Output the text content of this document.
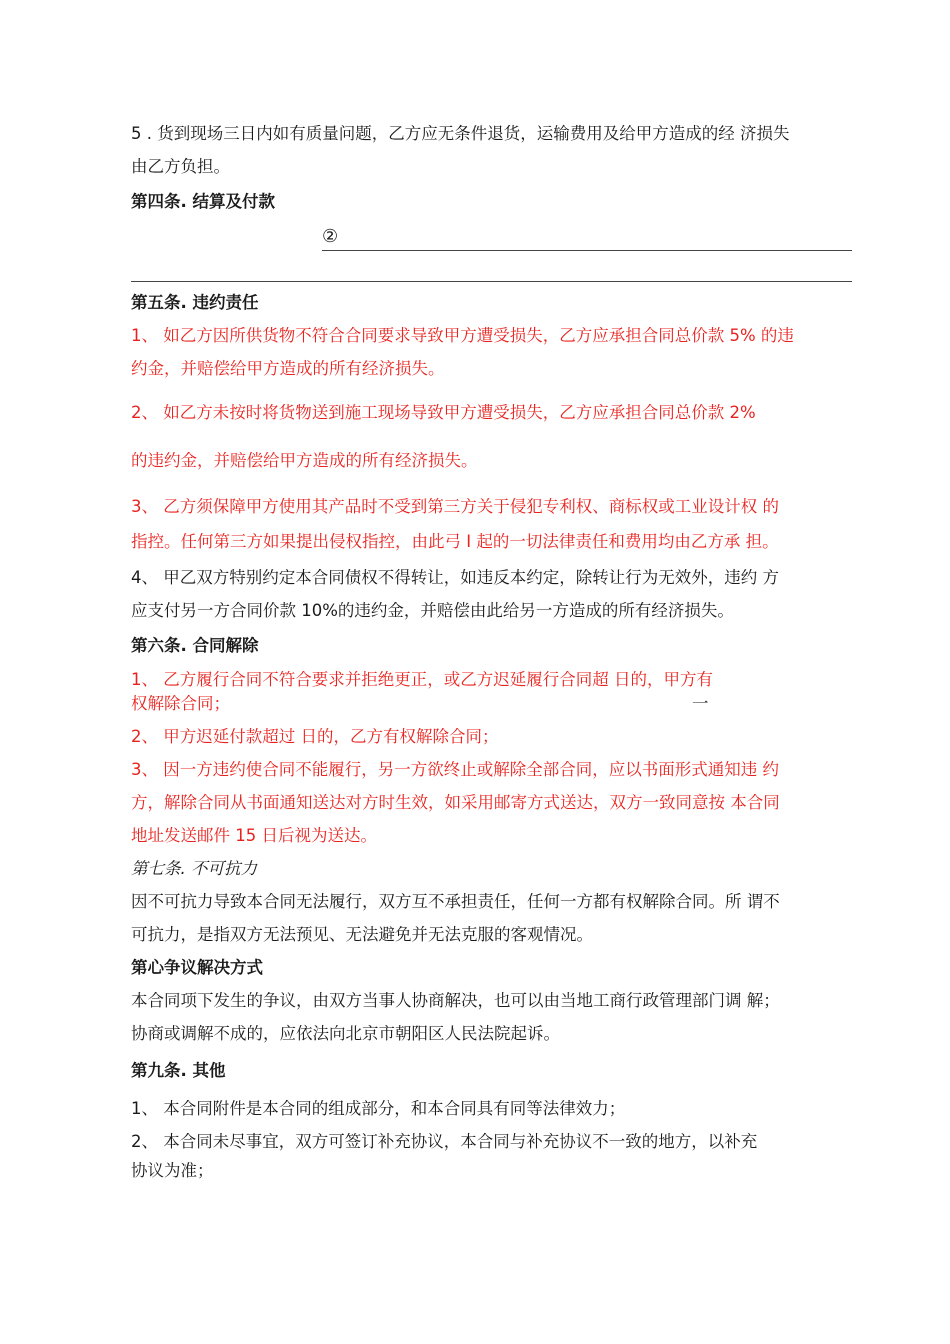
5 . 货到现场三日内如有质量问题，乙方应无条件退货，运输费用及给甲方造成的经 济损失

由乙方负担。

第四条. 结算及付款

②

第五条. 违约责任

1、 如乙方因所供货物不符合合同要求导致甲方遭受损失，乙方应承担合同总价款 5% 的违

约金，并赔偿给甲方造成的所有经济损失。

2、 如乙方未按时将货物送到施工现场导致甲方遭受损失，乙方应承担合同总价款 2%

的违约金，并赔偿给甲方造成的所有经济损失。

3、 乙方须保障甲方使用其产品时不受到第三方关于侵犯专利权、商标权或工业设计权 的

指控。任何第三方如果提出侵权指控，由此弓 I 起的一切法律责任和费用均由乙方承 担。

4、 甲乙双方特别约定本合同债权不得转让，如违反本约定，除转让行为无效外，违约 方

应支付另一方合同价款 10%的违约金，并赔偿由此给另一方造成的所有经济损失。

第六条. 合同解除

1、 乙方履行合同不符合要求并拒绝更正，或乙方迟延履行合同超 日的，甲方有

权解除合同；	一

2、 甲方迟延付款超过 日的，乙方有权解除合同；

3、 因一方违约使合同不能履行，另一方欲终止或解除全部合同，应以书面形式通知违 约

方，解除合同从书面通知送达对方时生效，如采用邮寄方式送达，双方一致同意按 本合同

地址发送邮件 15 日后视为送达。

第七条. 不可抗力

因不可抗力导致本合同无法履行，双方互不承担责任，任何一方都有权解除合同。所 谓不

可抗力，是指双方无法预见、无法避免并无法克服的客观情况。

第心争议解决方式

本合同项下发生的争议，由双方当事人协商解决，也可以由当地工商行政管理部门调 解；

协商或调解不成的，应依法向北京市朝阳区人民法院起诉。

第九条. 其他

1、 本合同附件是本合同的组成部分，和本合同具有同等法律效力；

2、 本合同未尽事宜，双方可签订补充协议，本合同与补充协议不一致的地方，以补充

协议为准；
